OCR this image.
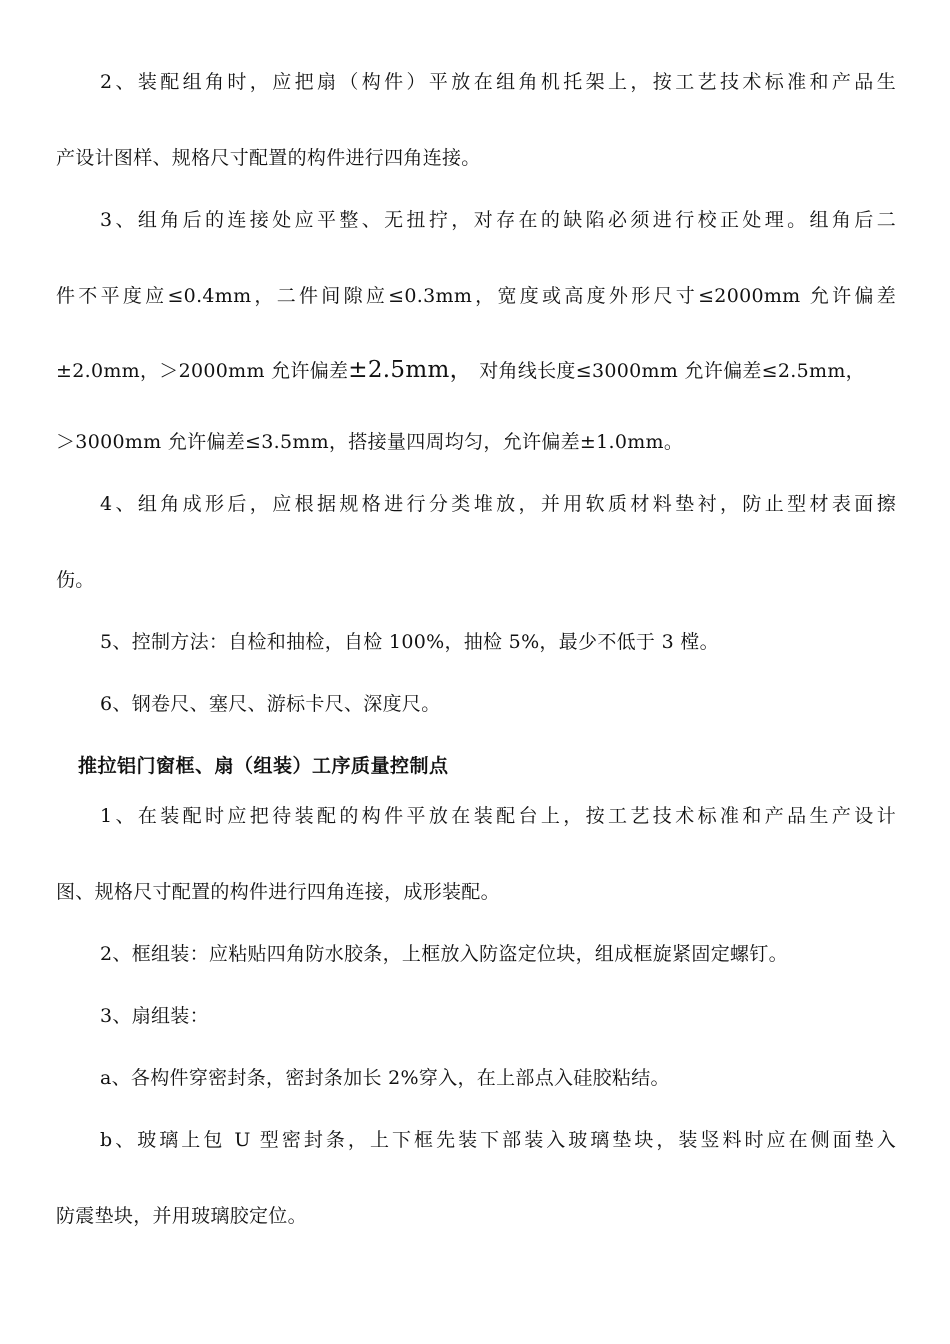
2、装配组角时，应把扇（构件）平放在组角机托架上，按工艺技术标准和产品生
产设计图样、规格尺寸配置的构件进行四角连接。
3、组角后的连接处应平整、无扭拧，对存在的缺陷必须进行校正处理。组角后二
件不平度应≤0.4mm，二件间隙应≤0.3mm，宽度或高度外形尺寸≤2000mm 允许偏差
±2.0mm，＞2000mm 允许偏差±2.5mm， 对角线长度≤3000mm 允许偏差≤2.5mm，
＞3000mm 允许偏差≤3.5mm，搭接量四周均匀，允许偏差±1.0mm。
4、组角成形后，应根据规格进行分类堆放，并用软质材料垫衬，防止型材表面擦
伤。
5、控制方法：自检和抽检，自检 100%，抽检 5%，最少不低于 3 樘。
6、钢卷尺、塞尺、游标卡尺、深度尺。
推拉铝门窗框、扇（组装）工序质量控制点
1、在装配时应把待装配的构件平放在装配台上，按工艺技术标准和产品生产设计
图、规格尺寸配置的构件进行四角连接，成形装配。
2、框组装：应粘贴四角防水胶条，上框放入防盗定位块，组成框旋紧固定螺钉。
3、扇组装：
a、各构件穿密封条，密封条加长 2%穿入，在上部点入硅胶粘结。
b、玻璃上包 U 型密封条，上下框先装下部装入玻璃垫块，装竖料时应在侧面垫入
防震垫块，并用玻璃胶定位。
